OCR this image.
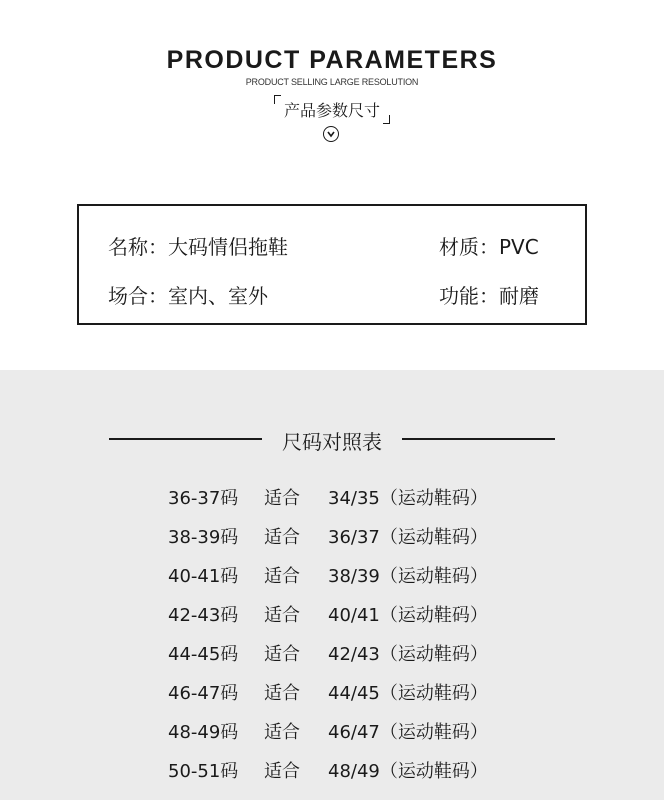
PRODUCT PARAMETERS
PRODUCT SELLING LARGE RESOLUTION
产品参数尺寸
名称：大码情侣拖鞋	材质：PVC
场合：室内、室外	功能：耐磨
尺码对照表
36-37码 适合 34/35（运动鞋码）
38-39码 适合 36/37（运动鞋码）
40-41码 适合 38/39（运动鞋码）
42-43码 适合 40/41（运动鞋码）
44-45码 适合 42/43（运动鞋码）
46-47码 适合 44/45（运动鞋码）
48-49码 适合 46/47（运动鞋码）
50-51码 适合 48/49（运动鞋码）
